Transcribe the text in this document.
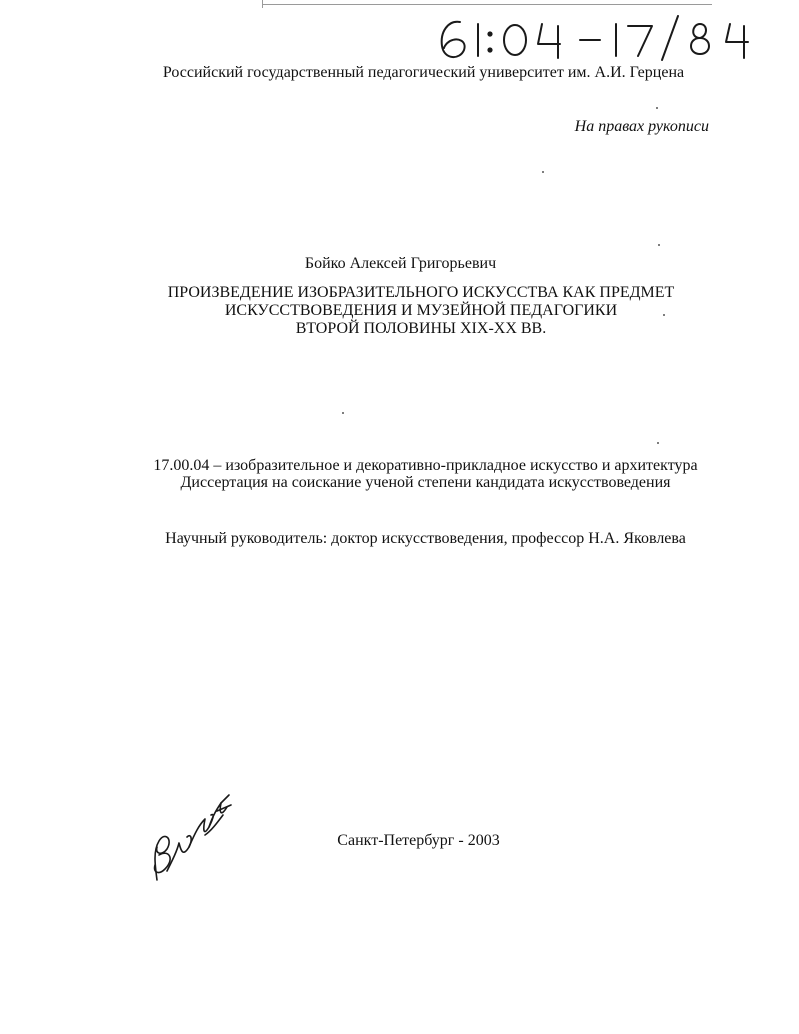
Российский государственный педагогический университет им. А.И. Герцена
На правах рукописи
Бойко Алексей Григорьевич
ПРОИЗВЕДЕНИЕ ИЗОБРАЗИТЕЛЬНОГО ИСКУССТВА КАК ПРЕДМЕТ
ИСКУССТВОВЕДЕНИЯ И МУЗЕЙНОЙ ПЕДАГОГИКИ
ВТОРОЙ ПОЛОВИНЫ XIX-XX ВВ.
17.00.04 – изобразительное и декоративно-прикладное искусство и архитектура
Диссертация на соискание ученой степени кандидата искусствоведения
Научный руководитель: доктор искусствоведения, профессор Н.А. Яковлева
Санкт-Петербург - 2003
